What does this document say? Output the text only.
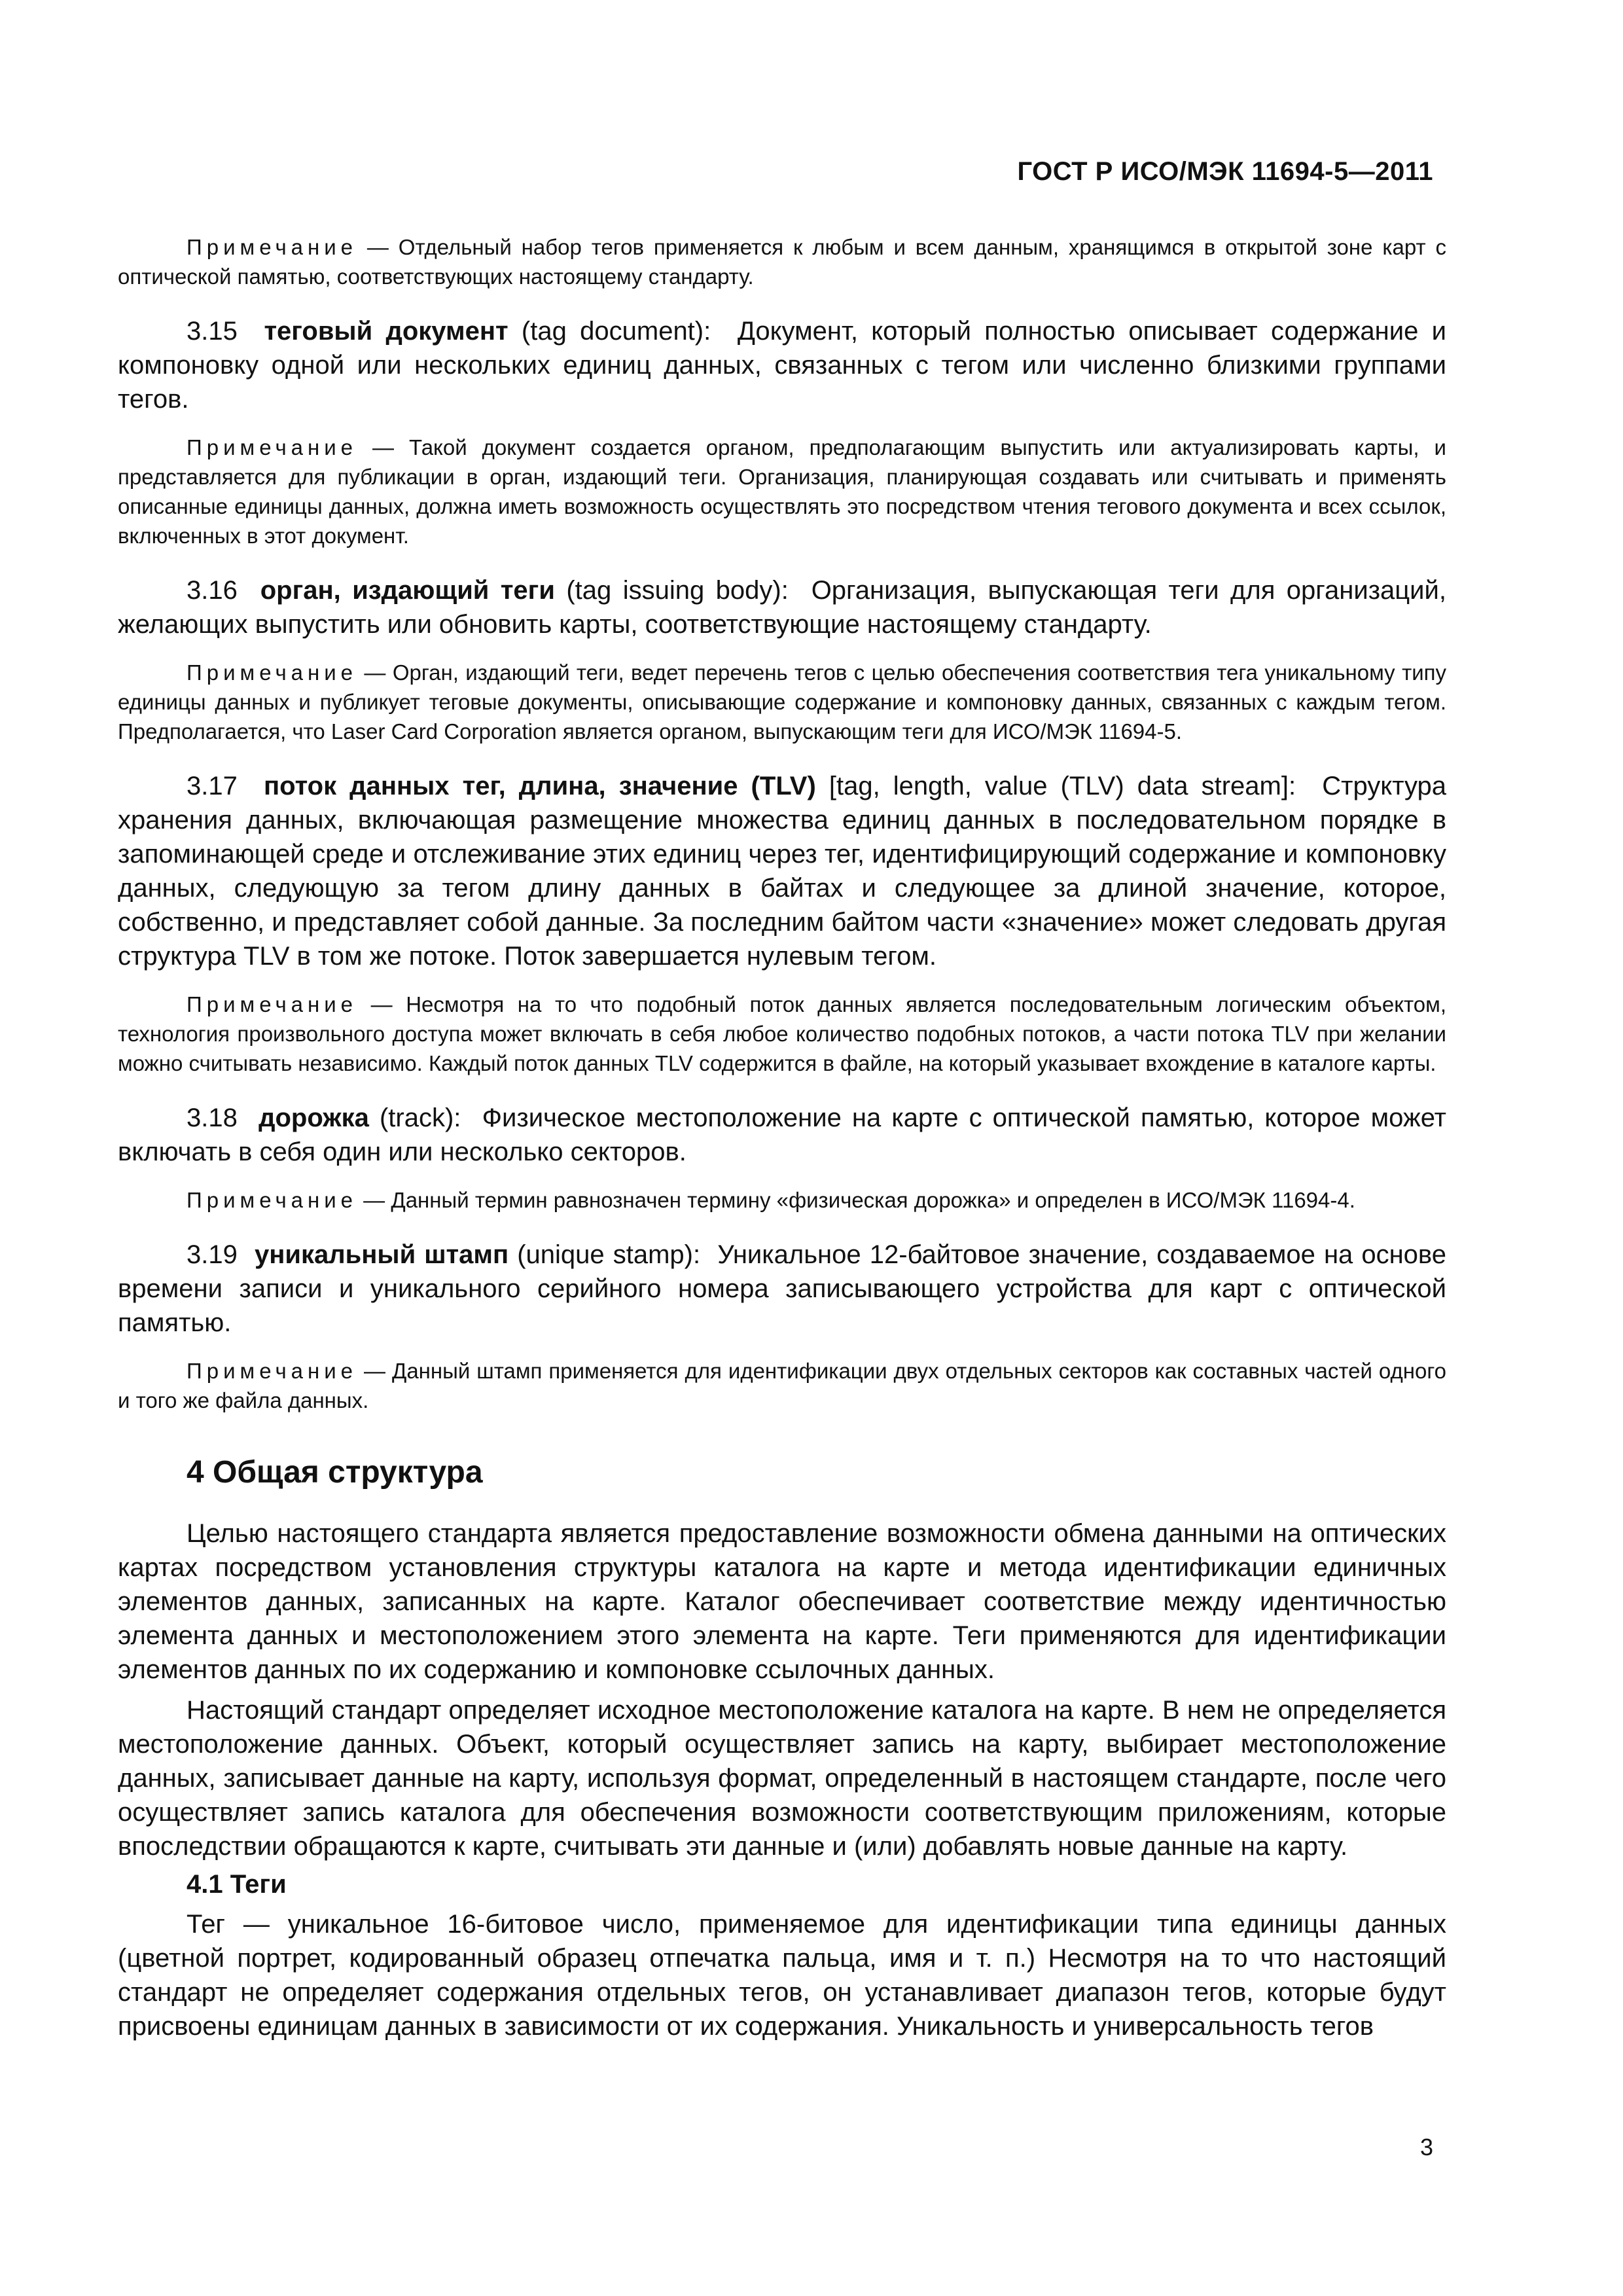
ГОСТ Р ИСО/МЭК 11694-5—2011

Примечание — Отдельный набор тегов применяется к любым и всем данным, хранящимся в открытой зоне карт с оптической памятью, соответствующих настоящему стандарту.

3.15 теговый документ (tag document): Документ, который полностью описывает содержание и компоновку одной или нескольких единиц данных, связанных с тегом или численно близкими группами тегов.

Примечание — Такой документ создается органом, предполагающим выпустить или актуализировать карты, и представляется для публикации в орган, издающий теги. Организация, планирующая создавать или считывать и применять описанные единицы данных, должна иметь возможность осуществлять это посредством чтения тегового документа и всех ссылок, включенных в этот документ.

3.16 орган, издающий теги (tag issuing body): Организация, выпускающая теги для организаций, желающих выпустить или обновить карты, соответствующие настоящему стандарту.

Примечание — Орган, издающий теги, ведет перечень тегов с целью обеспечения соответствия тега уникальному типу единицы данных и публикует теговые документы, описывающие содержание и компоновку данных, связанных с каждым тегом. Предполагается, что Laser Card Corporation является органом, выпускающим теги для ИСО/МЭК 11694-5.

3.17 поток данных тег, длина, значение (TLV) [tag, length, value (TLV) data stream]: Структура хранения данных, включающая размещение множества единиц данных в последовательном порядке в запоминающей среде и отслеживание этих единиц через тег, идентифицирующий содержание и компоновку данных, следующую за тегом длину данных в байтах и следующее за длиной значение, которое, собственно, и представляет собой данные. За последним байтом части «значение» может следовать другая структура TLV в том же потоке. Поток завершается нулевым тегом.

Примечание — Несмотря на то что подобный поток данных является последовательным логическим объектом, технология произвольного доступа может включать в себя любое количество подобных потоков, а части потока TLV при желании можно считывать независимо. Каждый поток данных TLV содержится в файле, на который указывает вхождение в каталоге карты.

3.18 дорожка (track): Физическое местоположение на карте с оптической памятью, которое может включать в себя один или несколько секторов.

Примечание — Данный термин равнозначен термину «физическая дорожка» и определен в ИСО/МЭК 11694-4.

3.19 уникальный штамп (unique stamp): Уникальное 12-байтовое значение, создаваемое на основе времени записи и уникального серийного номера записывающего устройства для карт с оптической памятью.

Примечание — Данный штамп применяется для идентификации двух отдельных секторов как составных частей одного и того же файла данных.

4 Общая структура

Целью настоящего стандарта является предоставление возможности обмена данными на оптических картах посредством установления структуры каталога на карте и метода идентификации единичных элементов данных, записанных на карте. Каталог обеспечивает соответствие между идентичностью элемента данных и местоположением этого элемента на карте. Теги применяются для идентификации элементов данных по их содержанию и компоновке ссылочных данных.

Настоящий стандарт определяет исходное местоположение каталога на карте. В нем не определяется местоположение данных. Объект, который осуществляет запись на карту, выбирает местоположение данных, записывает данные на карту, используя формат, определенный в настоящем стандарте, после чего осуществляет запись каталога для обеспечения возможности соответствующим приложениям, которые впоследствии обращаются к карте, считывать эти данные и (или) добавлять новые данные на карту.

4.1 Теги

Тег — уникальное 16-битовое число, применяемое для идентификации типа единицы данных (цветной портрет, кодированный образец отпечатка пальца, имя и т. п.) Несмотря на то что настоящий стандарт не определяет содержания отдельных тегов, он устанавливает диапазон тегов, которые будут присвоены единицам данных в зависимости от их содержания. Уникальность и универсальность тегов

3
